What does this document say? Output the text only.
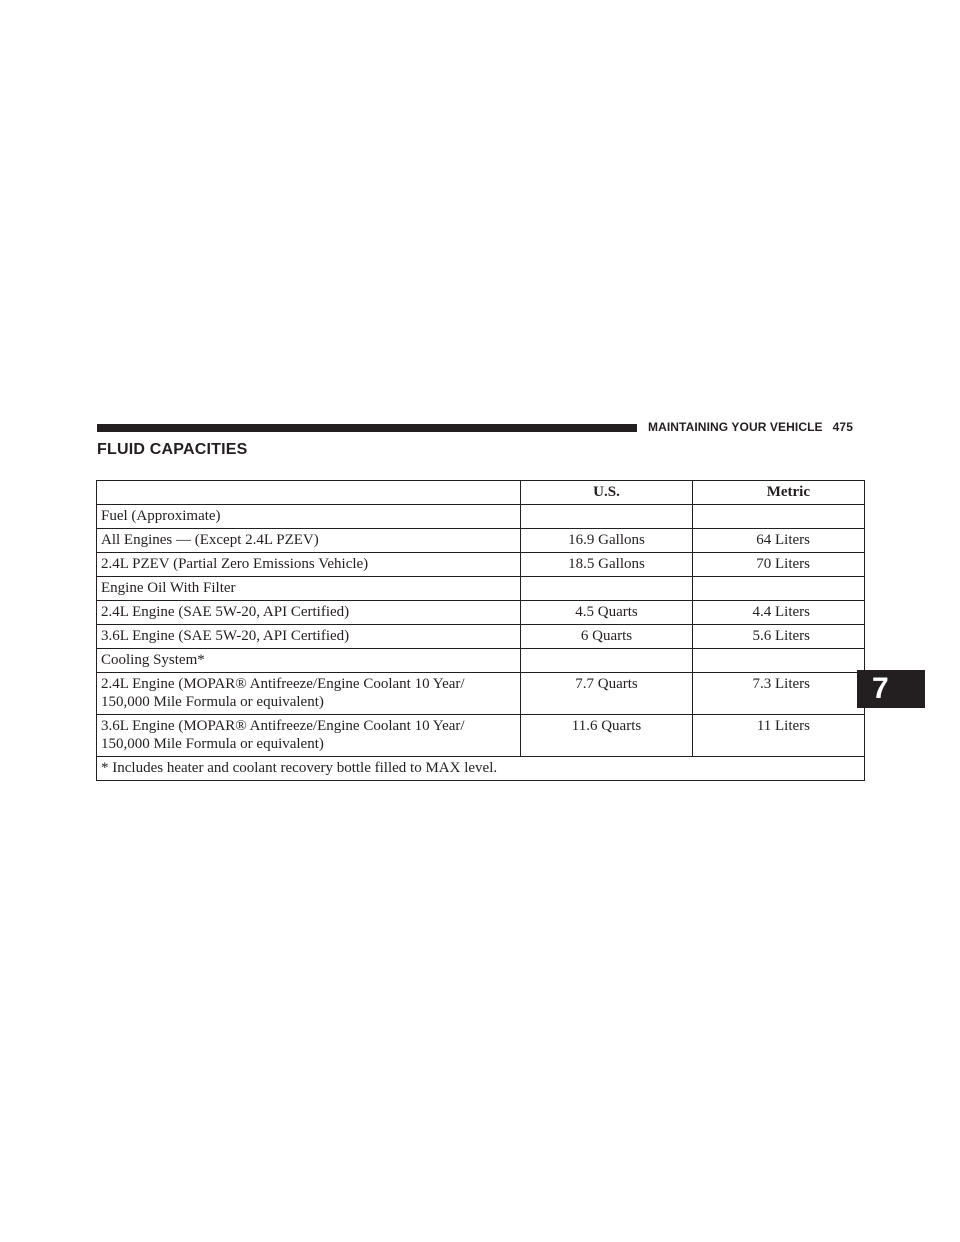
MAINTAINING YOUR VEHICLE 475
FLUID CAPACITIES
7
	U.S.	Metric
Fuel (Approximate)		
All Engines — (Except 2.4L PZEV)	16.9 Gallons	64 Liters
2.4L PZEV (Partial Zero Emissions Vehicle)	18.5 Gallons	70 Liters
Engine Oil With Filter		
2.4L Engine (SAE 5W-20, API Certified)	4.5 Quarts	4.4 Liters
3.6L Engine (SAE 5W-20, API Certified)	6 Quarts	5.6 Liters
Cooling System*		

2.4L Engine (MOPAR® Antifreeze/Engine Coolant 10 Year/
150,000 Mile Formula or equivalent)	7.7 Quarts	7.3 Liters

3.6L Engine (MOPAR® Antifreeze/Engine Coolant 10 Year/
150,000 Mile Formula or equivalent)	11.6 Quarts	11 Liters
* Includes heater and coolant recovery bottle filled to MAX level.		
